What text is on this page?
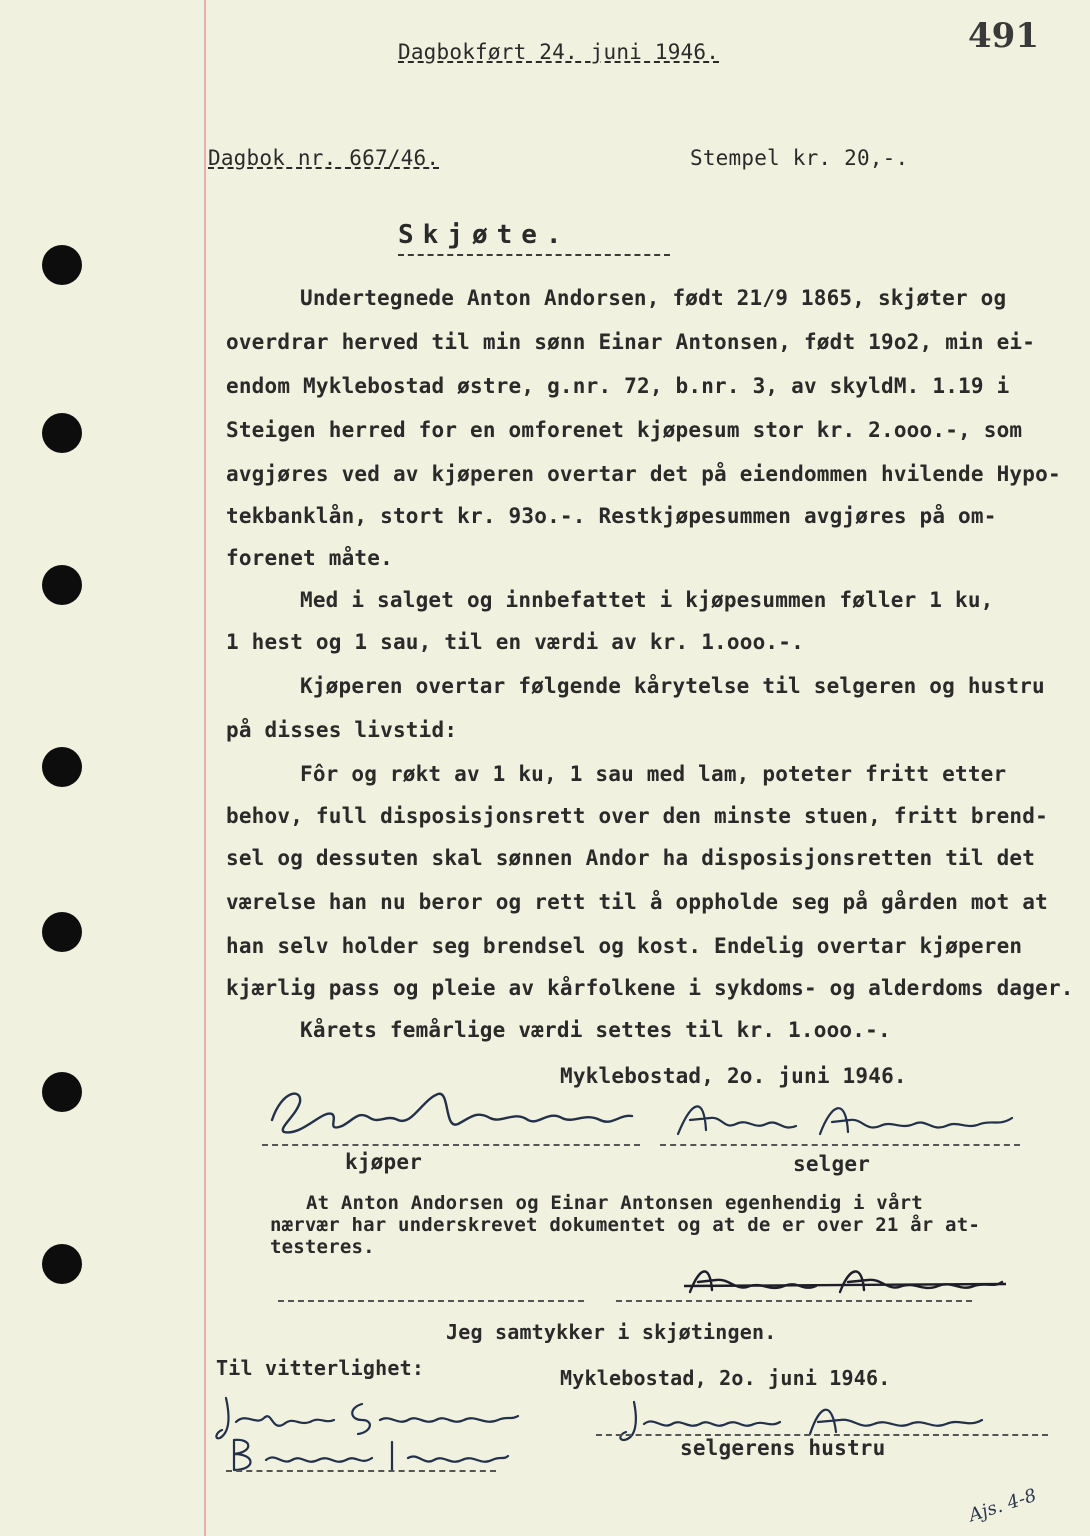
Dagbokført 24. juni 1946.	491
Dagbok nr. 667/46.	Stempel kr. 20,-.
Skjøte.
Undertegnede Anton Andorsen, født 21/9 1865, skjøter og
overdrar herved til min sønn Einar Antonsen, født 19o2, min ei-
endom Myklebostad østre, g.nr. 72, b.nr. 3, av skyldM. 1.19 i
Steigen herred for en omforenet kjøpesum stor kr. 2.ooo.-, som
avgjøres ved av kjøperen overtar det på eiendommen hvilende Hypo-
tekbanklån, stort kr. 93o.-. Restkjøpesummen avgjøres på om-
forenet måte.
Med i salget og innbefattet i kjøpesummen føller 1 ku,
1 hest og 1 sau, til en værdi av kr. 1.ooo.-.
Kjøperen overtar følgende kårytelse til selgeren og hustru
på disses livstid:
Fôr og røkt av 1 ku, 1 sau med lam, poteter fritt etter
behov, full disposisjonsrett over den minste stuen, fritt brend-
sel og dessuten skal sønnen Andor ha disposisjonsretten til det
værelse han nu beror og rett til å oppholde seg på gården mot at
han selv holder seg brendsel og kost. Endelig overtar kjøperen
kjærlig pass og pleie av kårfolkene i sykdoms- og alderdoms dager.
Kårets femårlige værdi settes til kr. 1.ooo.-.
Myklebostad, 2o. juni 1946.
kjøper	selger
At Anton Andorsen og Einar Antonsen egenhendig i vårt
nærvær har underskrevet dokumentet og at de er over 21 år at-
testeres.
Jeg samtykker i skjøtingen.
Til vitterlighet:	Myklebostad, 2o. juni 1946.
selgerens hustru
Ajs. 4-8
